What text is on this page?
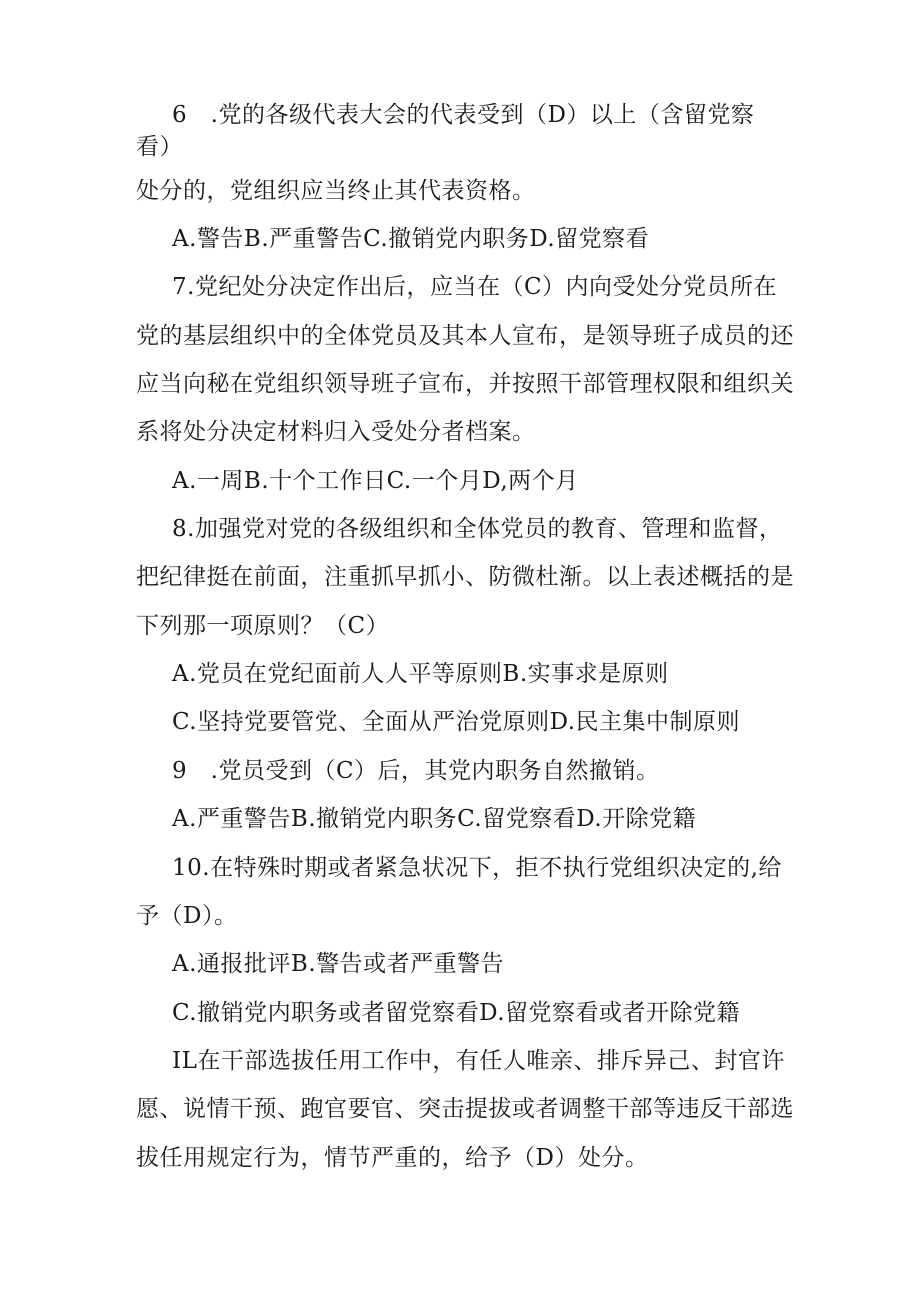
6　.党的各级代表大会的代表受到（D）以上（含留党察
看）
处分的，党组织应当终止其代表资格。
A.警告B.严重警告C.撤销党内职务D.留党察看
7.党纪处分决定作出后，应当在（C）内向受处分党员所在
党的基层组织中的全体党员及其本人宣布，是领导班子成员的还
应当向秘在党组织领导班子宣布，并按照干部管理权限和组织关
系将处分决定材料归入受处分者档案。
A.一周B.十个工作日C.一个月D,两个月
8.加强党对党的各级组织和全体党员的教育、管理和监督，
把纪律挺在前面，注重抓早抓小、防微杜渐。以上表述概括的是
下列那一项原则？（C）
A.党员在党纪面前人人平等原则B.实事求是原则
C.坚持党要管党、全面从严治党原则D.民主集中制原则
9　.党员受到（C）后，其党内职务自然撤销。
A.严重警告B.撤销党内职务C.留党察看D.开除党籍
10.在特殊时期或者紧急状况下，拒不执行党组织决定的,给
予（D）。
A.通报批评B.警告或者严重警告
C.撤销党内职务或者留党察看D.留党察看或者开除党籍
IL在干部选拔任用工作中，有任人唯亲、排斥异己、封官许
愿、说情干预、跑官要官、突击提拔或者调整干部等违反干部选
拔任用规定行为，情节严重的，给予（D）处分。
